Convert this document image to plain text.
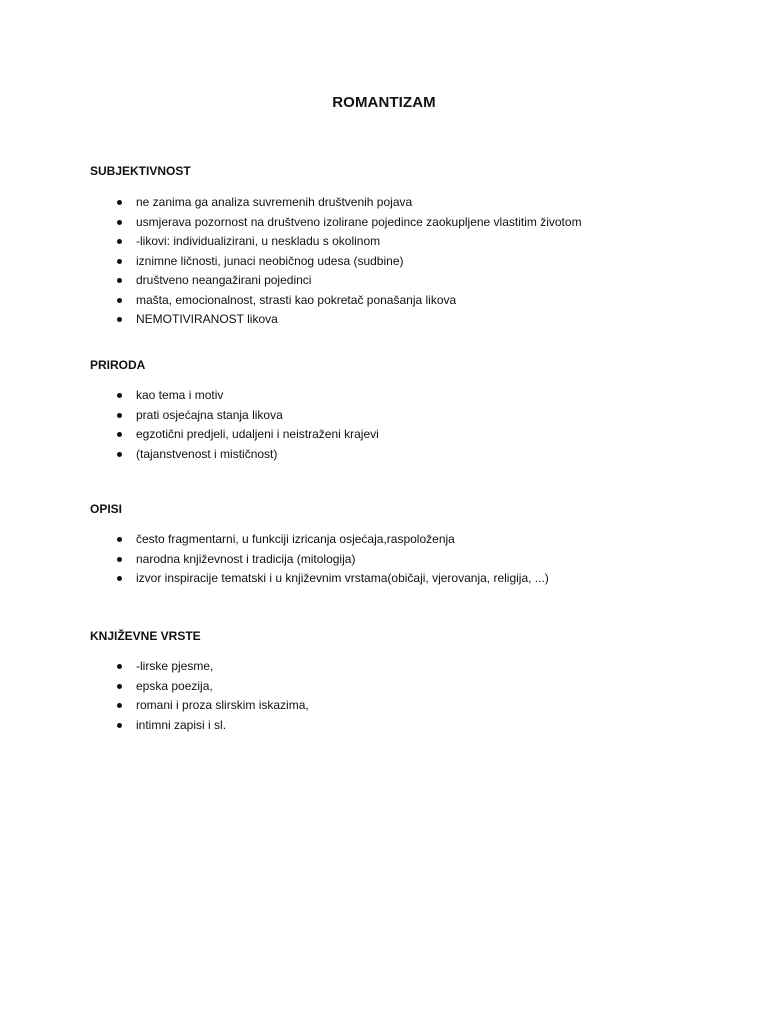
ROMANTIZAM
SUBJEKTIVNOST
ne zanima ga analiza suvremenih društvenih pojava
usmjerava pozornost na društveno izolirane pojedince zaokupljene vlastitim životom
-likovi: individualizirani, u neskladu s okolinom
iznimne ličnosti, junaci neobičnog udesa (sudbine)
društveno neangažirani pojedinci
mašta, emocionalnost, strasti kao pokretač ponašanja likova
NEMOTIVIRANOST likova
PRIRODA
kao tema i motiv
prati osjećajna stanja likova
egzotični predjeli, udaljeni i neistraženi krajevi
(tajanstvenost i mističnost)
OPISI
često fragmentarni, u funkciji izricanja osjećaja,raspoloženja
narodna književnost i tradicija (mitologija)
izvor inspiracije tematski i u književnim vrstama(običaji, vjerovanja, religija, ...)
KNJIŽEVNE VRSTE
-lirske pjesme,
epska poezija,
romani i proza slirskim iskazima,
intimni zapisi i sl.
